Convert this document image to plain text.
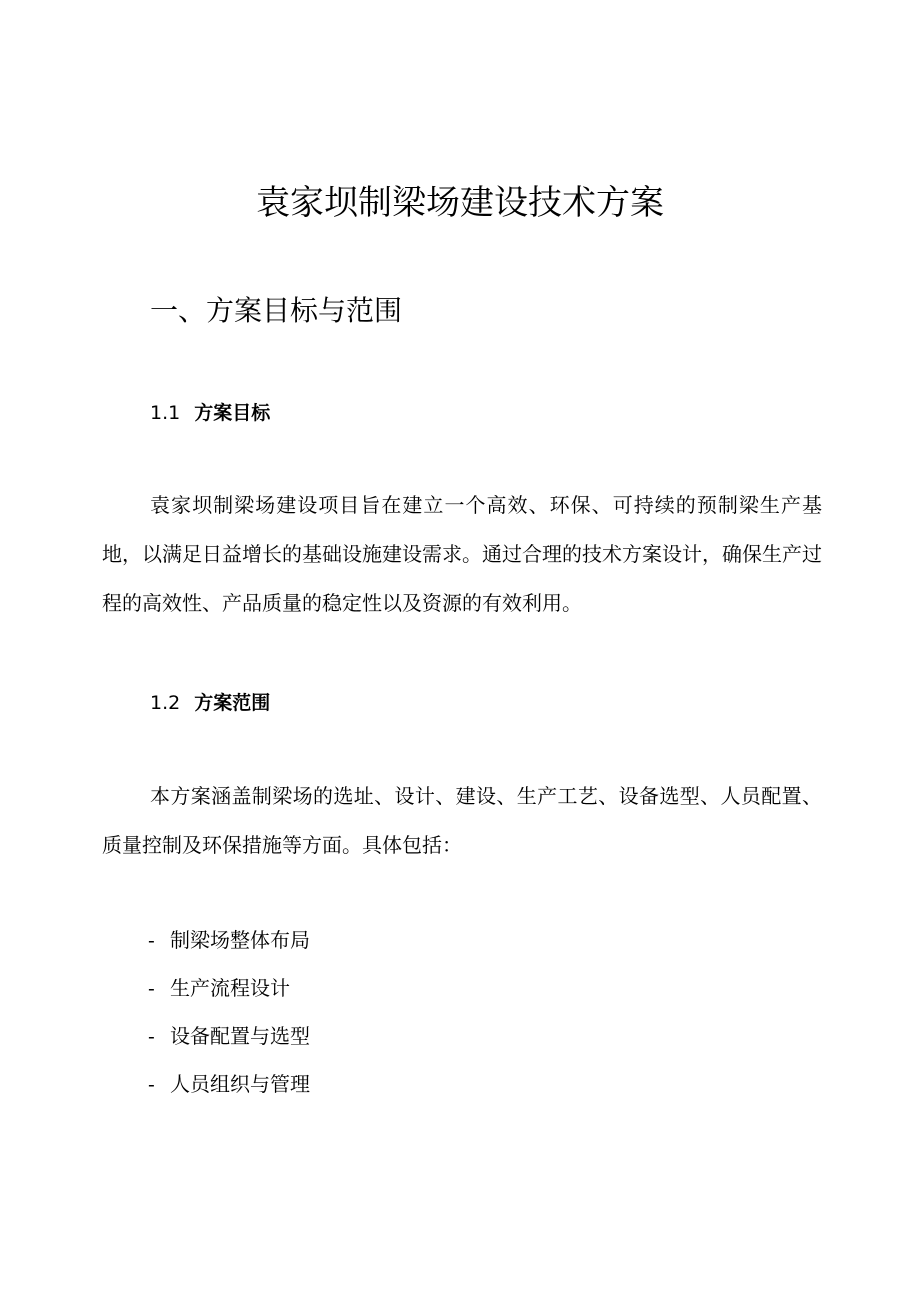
袁家坝制梁场建设技术方案
一、方案目标与范围
1.1 方案目标

袁家坝制梁场建设项目旨在建立一个高效、环保、可持续的预制梁生产基地，以满足日益增长的基础设施建设需求。通过合理的技术方案设计，确保生产过程的高效性、产品质量的稳定性以及资源的有效利用。

1.2 方案范围

本方案涵盖制梁场的选址、设计、建设、生产工艺、设备选型、人员配置、质量控制及环保措施等方面。具体包括：

- 制梁场整体布局
- 生产流程设计
- 设备配置与选型
- 人员组织与管理
